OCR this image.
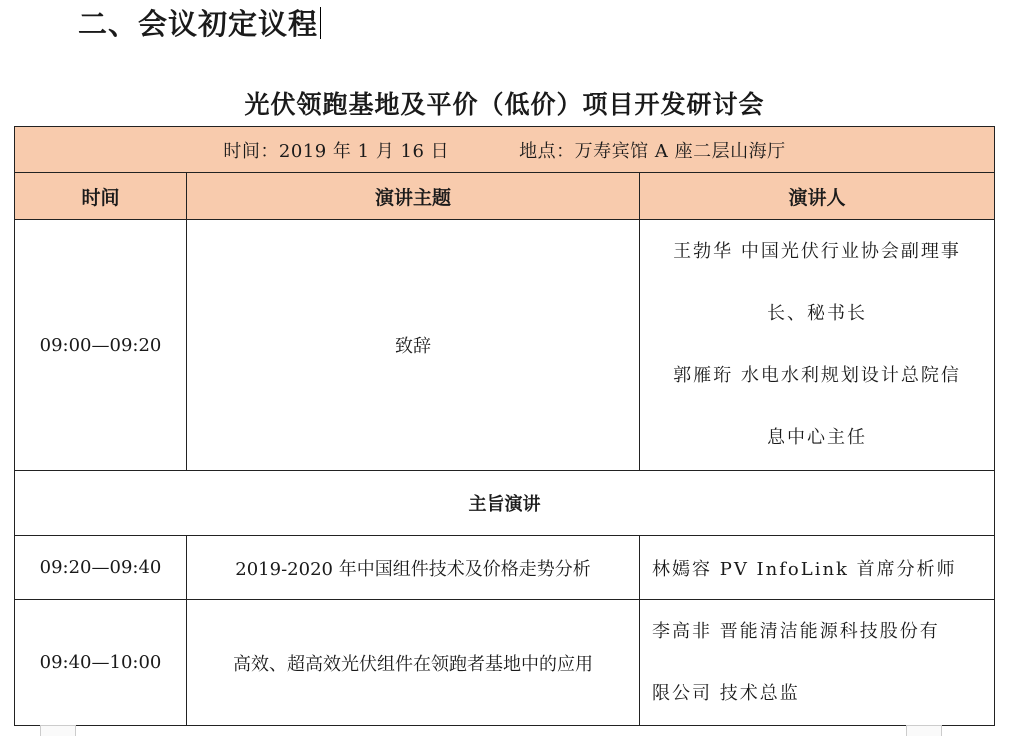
二、会议初定议程
光伏领跑基地及平价（低价）项目开发研讨会
时间：2019 年 1 月 16 日 地点：万寿宾馆 A 座二层山海厅		
时间	演讲主题	演讲人
09:00—09:20	致辞	王勃华 中国光伏行业协会副理事
长、秘书长
郭雁珩 水电水利规划设计总院信
息中心主任

主旨演讲		
09:20—09:40	2019-2020 年中国组件技术及价格走势分析	林嫣容 PV InfoLink 首席分析师

09:40—10:00	高效、超高效光伏组件在领跑者基地中的应用	李高非 晋能清洁能源科技股份有
限公司 技术总监
